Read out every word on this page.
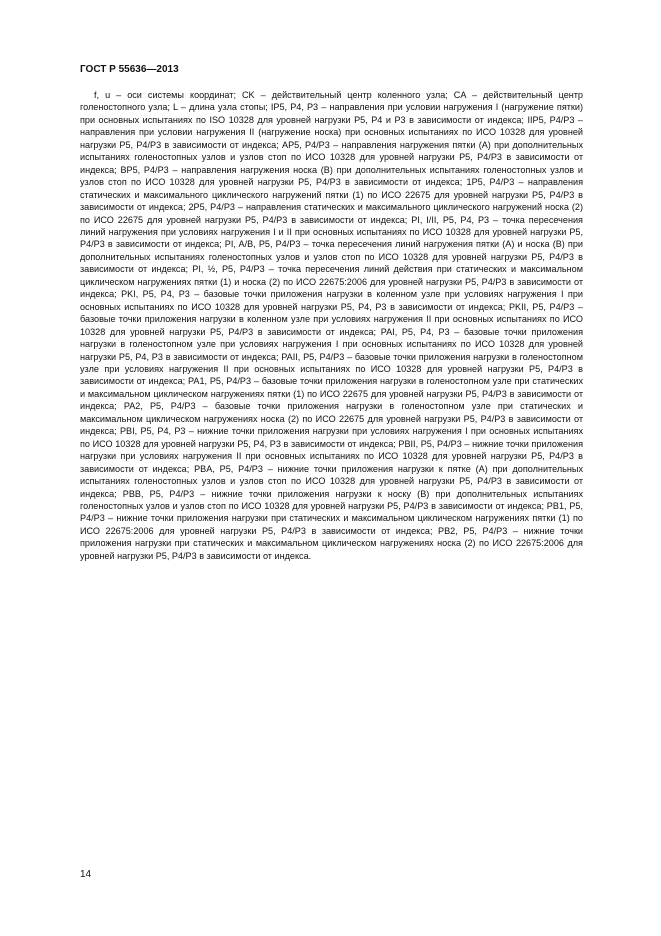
ГОСТ Р 55636—2013

f, u – оси системы координат; CK – действительный центр коленного узла; CA – действительный центр голеностопного узла; L – длина узла стопы; IP5, P4, P3 – направления при условии нагружения I (нагружение пятки) при основных испытаниях по ISO 10328 для уровней нагрузки P5, P4 и P3 в зависимости от индекса; IIP5, P4/P3 – направления при условии нагружения II (нагружение носка) при основных испытаниях по ИСО 10328 для уровней нагрузки P5, P4/P3 в зависимости от индекса; AP5, P4/P3 – направления нагружения пятки (A) при дополнительных испытаниях голеностопных узлов и узлов стоп по ИСО 10328 для уровней нагрузки P5, P4/P3 в зависимости от индекса; BP5, P4/P3 – направления нагружения носка (B) при дополнительных испытаниях голеностопных узлов и узлов стоп по ИСО 10328 для уровней нагрузки P5, P4/P3 в зависимости от индекса; 1P5, P4/P3 – направления статических и максимального циклического нагружений пятки (1) по ИСО 22675 для уровней нагрузки P5, P4/P3 в зависимости от индекса; 2P5, P4/P3 – направления статических и максимального циклического нагружений носка (2) по ИСО 22675 для уровней нагрузки P5, P4/P3 в зависимости от индекса; PI, I/II, P5, P4, P3 – точка пересечения линий нагружения при условиях нагружения I и II при основных испытаниях по ИСО 10328 для уровней нагрузки P5, P4/P3 в зависимости от индекса; PI, A/B, P5, P4/P3 – точка пересечения линий нагружения пятки (A) и носка (B) при дополнительных испытаниях голеностопных узлов и узлов стоп по ИСО 10328 для уровней нагрузки P5, P4/P3 в зависимости от индекса; PI, ½, P5, P4/P3 – точка пересечения линий действия при статических и максимальном циклическом нагружениях пятки (1) и носка (2) по ИСО 22675:2006 для уровней нагрузки P5, P4/P3 в зависимости от индекса; PKI, P5, P4, P3 – базовые точки приложения нагрузки в коленном узле при условиях нагружения I при основных испытаниях по ИСО 10328 для уровней нагрузки P5, P4, P3 в зависимости от индекса; PKII, P5, P4/P3 – базовые точки приложения нагрузки в коленном узле при условиях нагружения II при основных испытаниях по ИСО 10328 для уровней нагрузки P5, P4/P3 в зависимости от индекса; PAI, P5, P4, P3 – базовые точки приложения нагрузки в голеностопном узле при условиях нагружения I при основных испытаниях по ИСО 10328 для уровней нагрузки P5, P4, P3 в зависимости от индекса; PAII, P5, P4/P3 – базовые точки приложения нагрузки в голеностопном узле при условиях нагружения II при основных испытаниях по ИСО 10328 для уровней нагрузки P5, P4/P3 в зависимости от индекса; PA1, P5, P4/P3 – базовые точки приложения нагрузки в голеностопном узле при статических и максимальном циклическом нагружениях пятки (1) по ИСО 22675 для уровней нагрузки P5, P4/P3 в зависимости от индекса; PA2, P5, P4/P3 – базовые точки приложения нагрузки в голеностопном узле при статических и максимальном циклическом нагружениях носка (2) по ИСО 22675 для уровней нагрузки P5, P4/P3 в зависимости от индекса; PBI, P5, P4, P3 – нижние точки приложения нагрузки при условиях нагружения I при основных испытаниях по ИСО 10328 для уровней нагрузки P5, P4, P3 в зависимости от индекса; PBII, P5, P4/P3 – нижние точки приложения нагрузки при условиях нагружения II при основных испытаниях по ИСО 10328 для уровней нагрузки P5, P4/P3 в зависимости от индекса; PBA, P5, P4/P3 – нижние точки приложения нагрузки к пятке (A) при дополнительных испытаниях голеностопных узлов и узлов стоп по ИСО 10328 для уровней нагрузки P5, P4/P3 в зависимости от индекса; PBB, P5, P4/P3 – нижние точки приложения нагрузки к носку (B) при дополнительных испытаниях голеностопных узлов и узлов стоп по ИСО 10328 для уровней нагрузки P5, P4/P3 в зависимости от индекса; PB1, P5, P4/P3 – нижние точки приложения нагрузки при статических и максимальном циклическом нагружениях пятки (1) по ИСО 22675:2006 для уровней нагрузки P5, P4/P3 в зависимости от индекса; PB2, P5, P4/P3 – нижние точки приложения нагрузки при статических и максимальном циклическом нагружениях носка (2) по ИСО 22675:2006 для уровней нагрузки P5, P4/P3 в зависимости от индекса.

14
